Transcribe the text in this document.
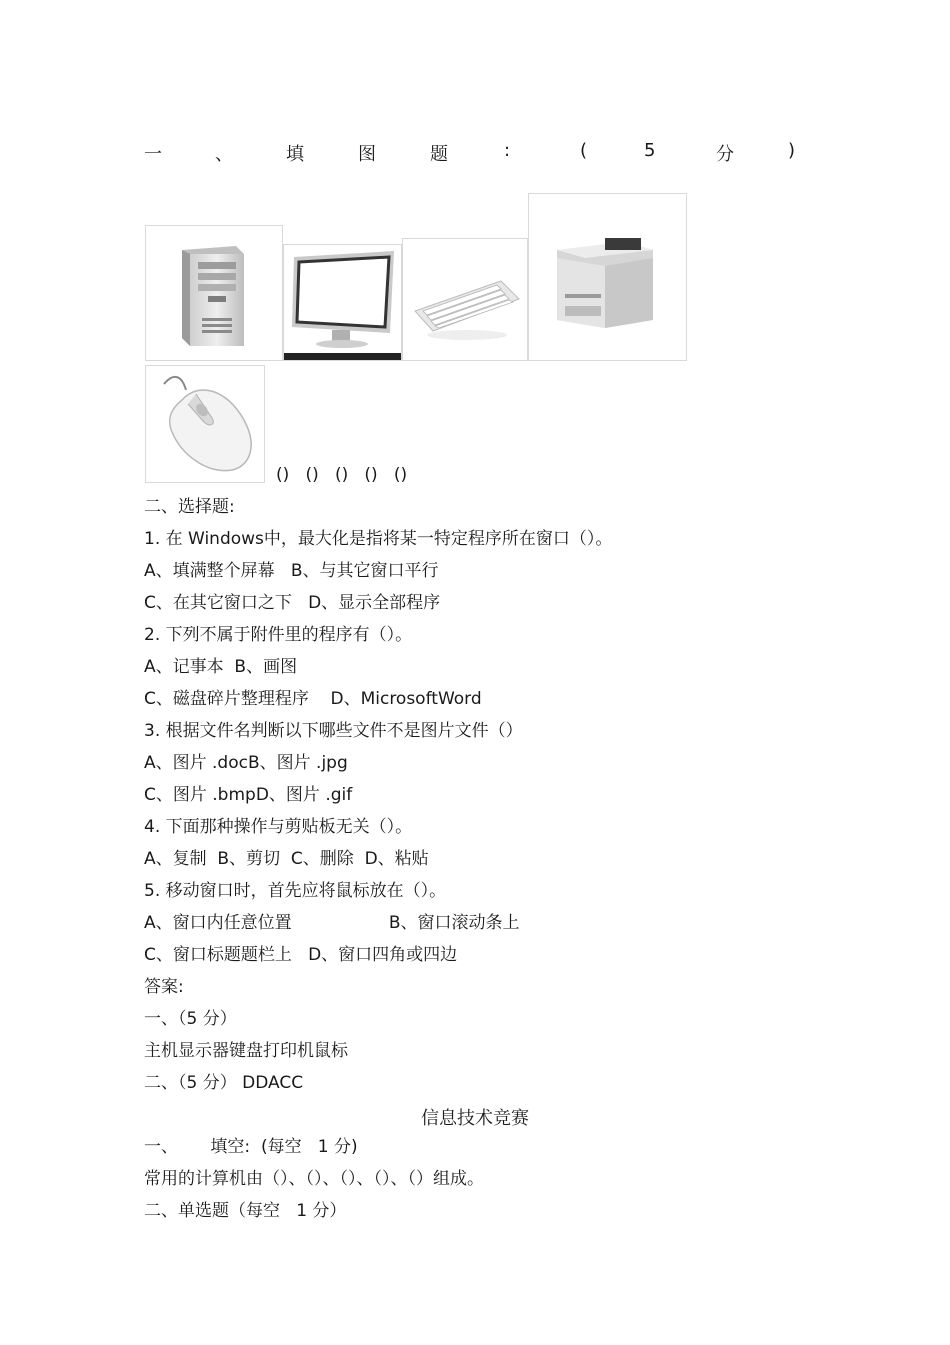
一	、	填	图	题	:	(	5	分	)
()   ()   ()   ()   ()
二、选择题:
1. 在 Windows中，最大化是指将某一特定程序所在窗口（）。
A、填满整个屏幕   B、与其它窗口平行
C、在其它窗口之下   D、显示全部程序
2. 下列不属于附件里的程序有（）。
A、记事本  B、画图
C、磁盘碎片整理程序    D、MicrosoftWord
3. 根据文件名判断以下哪些文件不是图片文件（）
A、图片 .docB、图片 .jpg
C、图片 .bmpD、图片 .gif
4. 下面那种操作与剪贴板无关（）。
A、复制  B、剪切  C、删除  D、粘贴
5. 移动窗口时，首先应将鼠标放在（）。
A、窗口内任意位置                  B、窗口滚动条上
C、窗口标题题栏上   D、窗口四角或四边
答案:
一、（5 分）
主机显示器键盘打印机鼠标
二、（5 分） DDACC
信息技术竞赛
一、      填空:  (每空   1 分)
常用的计算机由（）、（）、（）、（）、（）组成。
二、单选题（每空   1 分）
